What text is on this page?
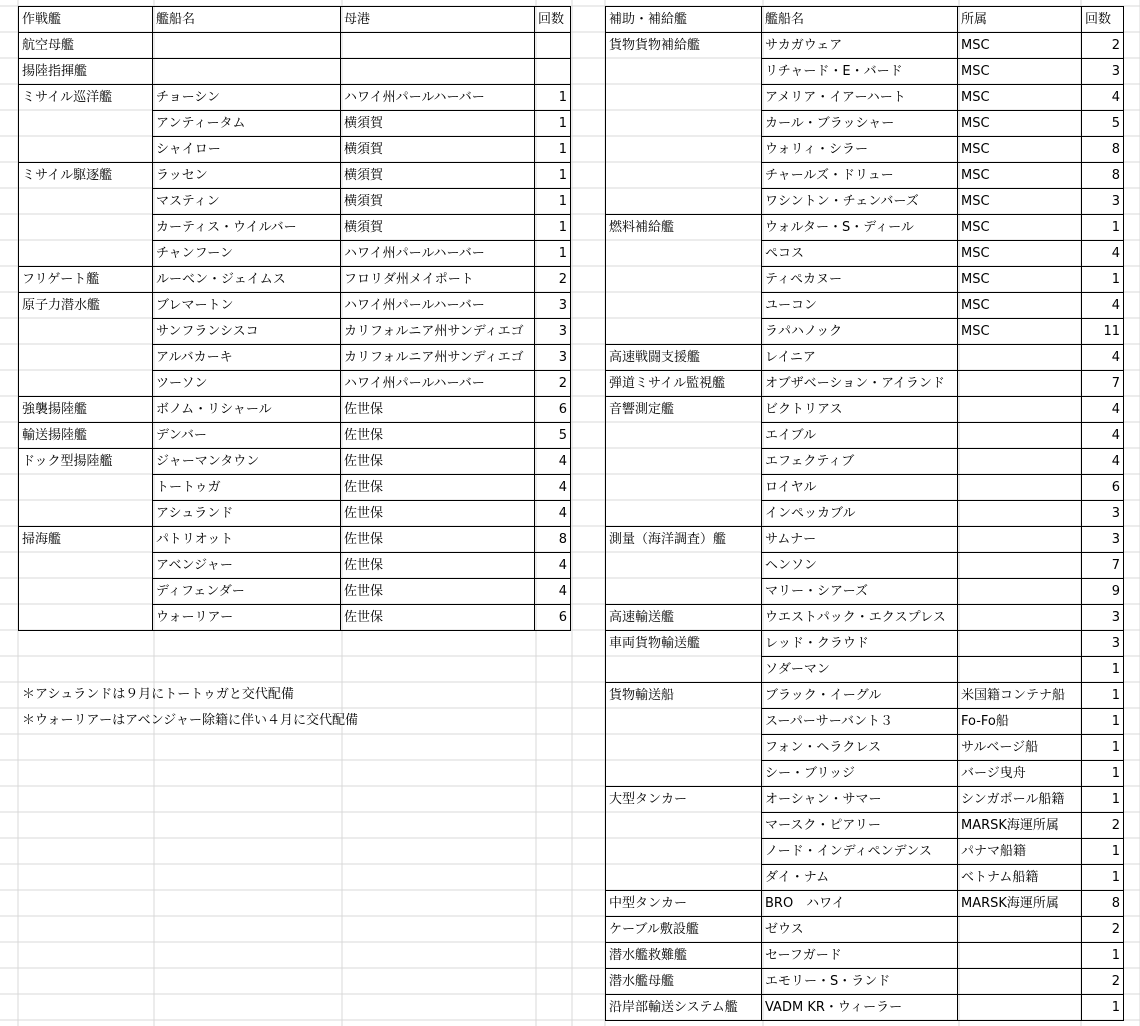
作戦艦	艦船名	母港	回数
航空母艦			
揚陸指揮艦			
ミサイル巡洋艦	チョーシン	ハワイ州パールハーバー	1
	アンティータム	横須賀	1
	シャイロー	横須賀	1
ミサイル駆逐艦	ラッセン	横須賀	1
	マスティン	横須賀	1
	カーティス・ウイルバー	横須賀	1
	チャンフーン	ハワイ州パールハーバー	1
フリゲート艦	ルーベン・ジェイムス	フロリダ州メイポート	2
原子力潜水艦	ブレマートン	ハワイ州パールハーバー	3
	サンフランシスコ	カリフォルニア州サンディエゴ	3
	アルバカーキ	カリフォルニア州サンディエゴ	3
	ツーソン	ハワイ州パールハーバー	2
強襲揚陸艦	ボノム・リシャール	佐世保	6
輸送揚陸艦	デンバー	佐世保	5
ドック型揚陸艦	ジャーマンタウン	佐世保	4
	トートゥガ	佐世保	4
	アシュランド	佐世保	4
掃海艦	パトリオット	佐世保	8
	アベンジャー	佐世保	4
	ディフェンダー	佐世保	4
	ウォーリアー	佐世保	6
補助・補給艦	艦船名	所属	回数
貨物貨物補給艦	サカガウェア	MSC	2
	リチャード・E・バード	MSC	3
	アメリア・イアーハート	MSC	4
	カール・ブラッシャー	MSC	5
	ウォリィ・シラー	MSC	8
	チャールズ・ドリュー	MSC	8
	ワシントン・チェンバーズ	MSC	3
燃料補給艦	ウォルター・S・ディール	MSC	1
	ペコス	MSC	4
	ティペカヌー	MSC	1
	ユーコン	MSC	4
	ラパハノック	MSC	11
高速戦闘支援艦	レイニア		4
弾道ミサイル監視艦	オブザベーション・アイランド		7
音響測定艦	ビクトリアス		4
	エイブル		4
	エフェクティブ		4
	ロイヤル		6
	インペッカブル		3
測量（海洋調査）艦	サムナー		3
	ヘンソン		7
	マリー・シアーズ		9
高速輸送艦	ウエストパック・エクスプレス		3
車両貨物輸送艦	レッド・クラウド		3
	ソダーマン		1
貨物輸送船	ブラック・イーグル	米国籍コンテナ船	1
	スーパーサーバント３	Fo-Fo船	1
	フォン・ヘラクレス	サルベージ船	1
	シー・ブリッジ	バージ曳舟	1
大型タンカー	オーシャン・サマー	シンガポール船籍	1
	マースク・ピアリー	MARSK海運所属	2
	ノード・インディペンデンス	パナマ船籍	1
	ダイ・ナム	ベトナム船籍	1
中型タンカー	BRO　ハワイ	MARSK海運所属	8
ケーブル敷設艦	ゼウス		2
潜水艦救難艦	セーフガード		1
潜水艦母艦	エモリー・S・ランド		2
沿岸部輸送システム艦	VADM KR・ウィーラー		1
＊アシュランドは９月にトートゥガと交代配備
＊ウォーリアーはアベンジャー除籍に伴い４月に交代配備
